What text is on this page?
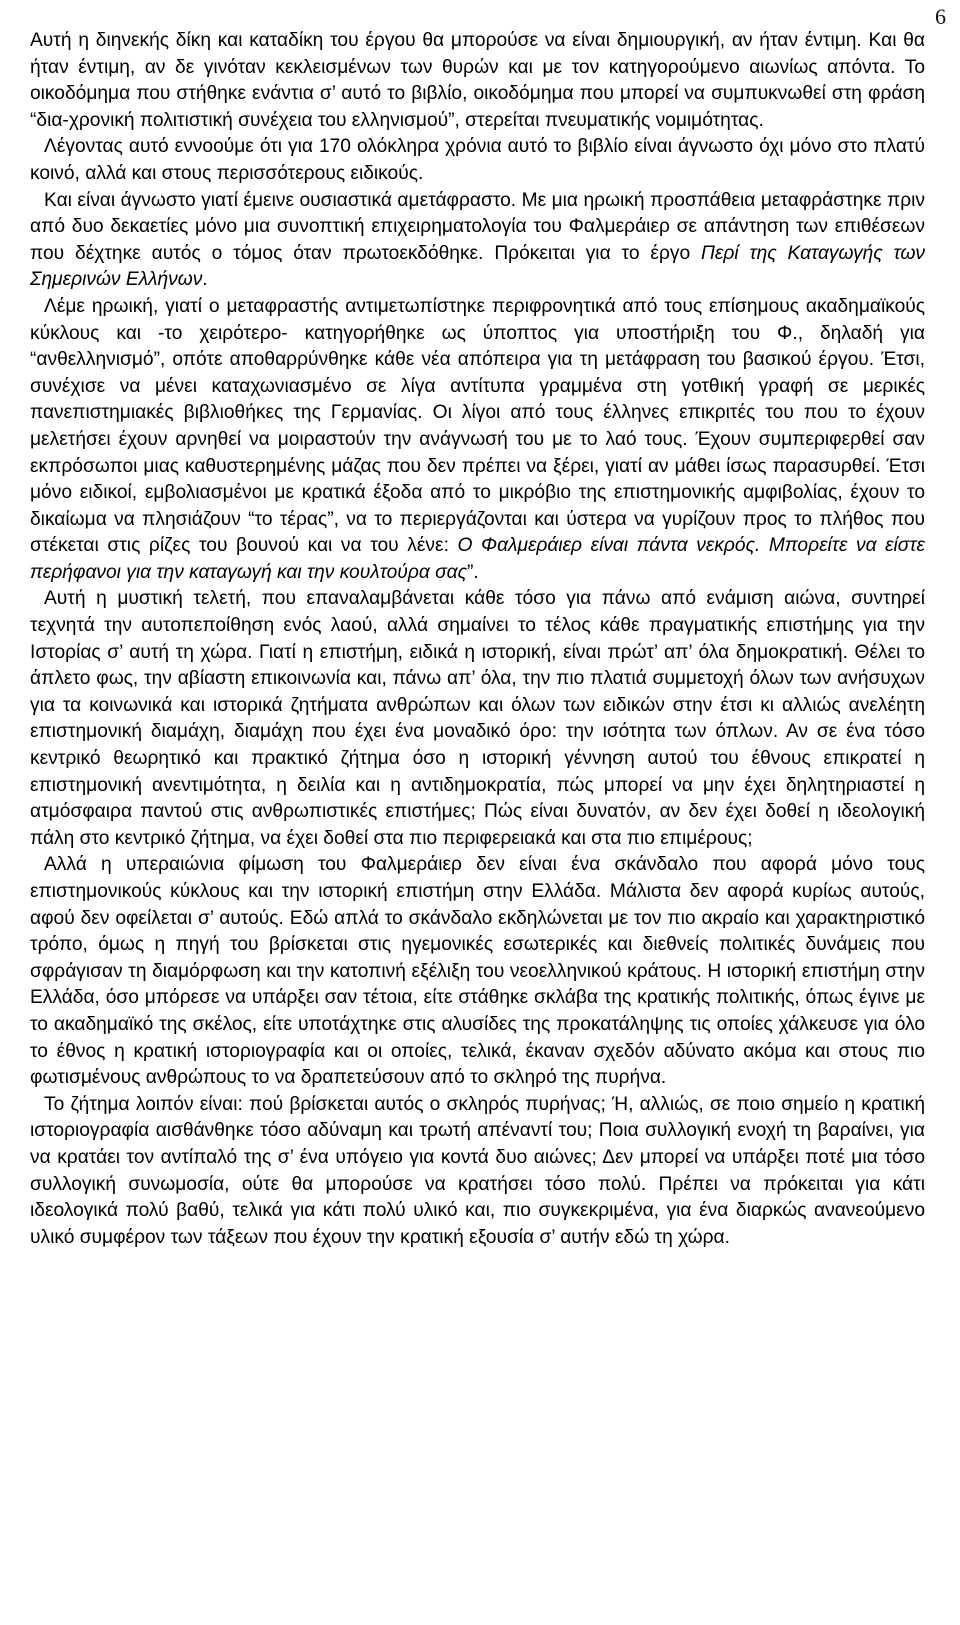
6

Αυτή η διηνεκής δίκη και καταδίκη του έργου θα μπορούσε να είναι δημιουργική, αν ήταν έντιμη. Και θα ήταν έντιμη, αν δε γινόταν κεκλεισμένων των θυρών και με τον κατηγορούμενο αιωνίως απόντα. Το οικοδόμημα που στήθηκε ενάντια σ’ αυτό το βιβλίο, οικοδόμημα που μπορεί να συμπυκνωθεί στη φράση “δια-χρονική πολιτιστική συνέχεια του ελληνισμού”, στερείται πνευματικής νομιμότητας.

Λέγοντας αυτό εννοούμε ότι για 170 ολόκληρα χρόνια αυτό το βιβλίο είναι άγνωστο όχι μόνο στο πλατύ κοινό, αλλά και στους περισσότερους ειδικούς.

Και είναι άγνωστο γιατί έμεινε ουσιαστικά αμετάφραστο. Με μια ηρωική προσπάθεια μεταφράστηκε πριν από δυο δεκαετίες μόνο μια συνοπτική επιχειρηματολογία του Φαλμεράιερ σε απάντηση των επιθέσεων που δέχτηκε αυτός ο τόμος όταν πρωτοεκδόθηκε. Πρόκειται για το έργο Περί της Καταγωγής των Σημερινών Ελλήνων.

Λέμε ηρωική, γιατί ο μεταφραστής αντιμετωπίστηκε περιφρονητικά από τους επίσημους ακαδημαϊκούς κύκλους και -το χειρότερο- κατηγορήθηκε ως ύποπτος για υποστήριξη του Φ., δηλαδή για “ανθελληνισμό”, οπότε αποθαρρύνθηκε κάθε νέα απόπειρα για τη μετάφραση του βασικού έργου. Έτσι, συνέχισε να μένει καταχωνιασμένο σε λίγα αντίτυπα γραμμένα στη γοτθική γραφή σε μερικές πανεπιστημιακές βιβλιοθήκες της Γερμανίας. Οι λίγοι από τους έλληνες επικριτές του που το έχουν μελετήσει έχουν αρνηθεί να μοιραστούν την ανάγνωσή του με το λαό τους. Έχουν συμπεριφερθεί σαν εκπρόσωποι μιας καθυστερημένης μάζας που δεν πρέπει να ξέρει, γιατί αν μάθει ίσως παρασυρθεί. Έτσι μόνο ειδικοί, εμβολιασμένοι με κρατικά έξοδα από το μικρόβιο της επιστημονικής αμφιβολίας, έχουν το δικαίωμα να πλησιάζουν “το τέρας”, να το περιεργάζονται και ύστερα να γυρίζουν προς το πλήθος που στέκεται στις ρίζες του βουνού και να του λένε: Ο Φαλμεράιερ είναι πάντα νεκρός. Μπορείτε να είστε περήφανοι για την καταγωγή και την κουλτούρα σας”.

Αυτή η μυστική τελετή, που επαναλαμβάνεται κάθε τόσο για πάνω από ενάμιση αιώνα, συντηρεί τεχνητά την αυτοπεποίθηση ενός λαού, αλλά σημαίνει το τέλος κάθε πραγματικής επιστήμης για την Ιστορίας σ’ αυτή τη χώρα. Γιατί η επιστήμη, ειδικά η ιστορική, είναι πρώτ’ απ’ όλα δημοκρατική. Θέλει το άπλετο φως, την αβίαστη επικοινωνία και, πάνω απ’ όλα, την πιο πλατιά συμμετοχή όλων των ανήσυχων για τα κοινωνικά και ιστορικά ζητήματα ανθρώπων και όλων των ειδικών στην έτσι κι αλλιώς ανελέητη επιστημονική διαμάχη, διαμάχη που έχει ένα μοναδικό όρο: την ισότητα των όπλων. Αν σε ένα τόσο κεντρικό θεωρητικό και πρακτικό ζήτημα όσο η ιστορική γέννηση αυτού του έθνους επικρατεί η επιστημονική ανεντιμότητα, η δειλία και η αντιδημοκρατία, πώς μπορεί να μην έχει δηλητηριαστεί η ατμόσφαιρα παντού στις ανθρωπιστικές επιστήμες; Πώς είναι δυνατόν, αν δεν έχει δοθεί η ιδεολογική πάλη στο κεντρικό ζήτημα, να έχει δοθεί στα πιο περιφερειακά και στα πιο επιμέρους;

Αλλά η υπεραιώνια φίμωση του Φαλμεράιερ δεν είναι ένα σκάνδαλο που αφορά μόνο τους επιστημονικούς κύκλους και την ιστορική επιστήμη στην Ελλάδα. Μάλιστα δεν αφορά κυρίως αυτούς, αφού δεν οφείλεται σ’ αυτούς. Εδώ απλά το σκάνδαλο εκδηλώνεται με τον πιο ακραίο και χαρακτηριστικό τρόπο, όμως η πηγή του βρίσκεται στις ηγεμονικές εσωτερικές και διεθνείς πολιτικές δυνάμεις που σφράγισαν τη διαμόρφωση και την κατοπινή εξέλιξη του νεοελληνικού κράτους. Η ιστορική επιστήμη στην Ελλάδα, όσο μπόρεσε να υπάρξει σαν τέτοια, είτε στάθηκε σκλάβα της κρατικής πολιτικής, όπως έγινε με το ακαδημαϊκό της σκέλος, είτε υποτάχτηκε στις αλυσίδες της προκατάληψης τις οποίες χάλκευσε για όλο το έθνος η κρατική ιστοριογραφία και οι οποίες, τελικά, έκαναν σχεδόν αδύνατο ακόμα και στους πιο φωτισμένους ανθρώπους το να δραπετεύσουν από το σκληρό της πυρήνα.

Το ζήτημα λοιπόν είναι: πού βρίσκεται αυτός ο σκληρός πυρήνας; Ή, αλλιώς, σε ποιο σημείο η κρατική ιστοριογραφία αισθάνθηκε τόσο αδύναμη και τρωτή απέναντί του; Ποια συλλογική ενοχή τη βαραίνει, για να κρατάει τον αντίπαλό της σ’ ένα υπόγειο για κοντά δυο αιώνες; Δεν μπορεί να υπάρξει ποτέ μια τόσο συλλογική συνωμοσία, ούτε θα μπορούσε να κρατήσει τόσο πολύ. Πρέπει να πρόκειται για κάτι ιδεολογικά πολύ βαθύ, τελικά για κάτι πολύ υλικό και, πιο συγκεκριμένα, για ένα διαρκώς ανανεούμενο υλικό συμφέρον των τάξεων που έχουν την κρατική εξουσία σ’ αυτήν εδώ τη χώρα.
